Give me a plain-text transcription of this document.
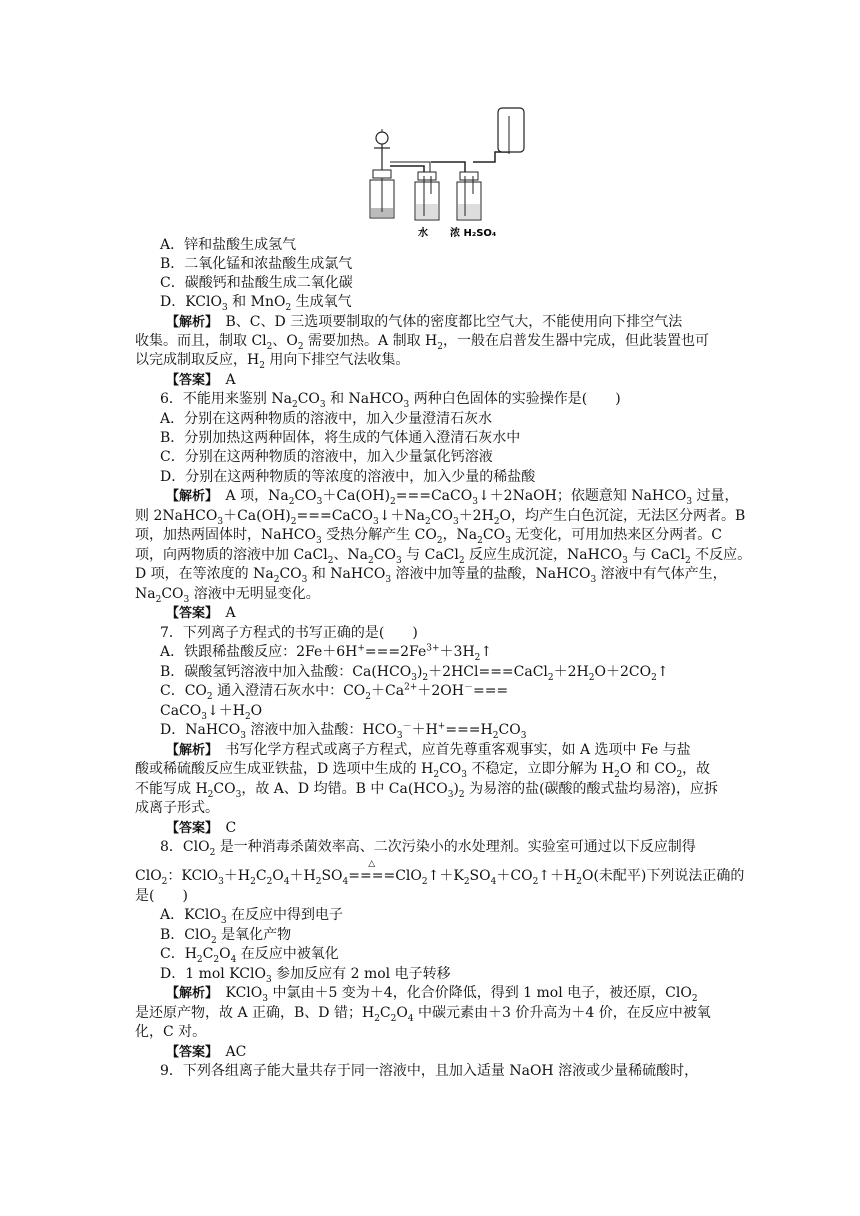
水 浓 H₂SO₄
A．锌和盐酸生成氢气
B．二氧化锰和浓盐酸生成氯气
C．碳酸钙和盐酸生成二氧化碳
D．KClO$_3$ 和 MnO$_2$ 生成氧气
【解析】　B、C、D 三选项要制取的气体的密度都比空气大，不能使用向下排空气法
收集。而且，制取 $Cl_2$、$O_2$ 需要加热。A 制取 $H_2$，一般在启普发生器中完成，但此装置也可
以完成制取反应，$H_2$ 用向下排空气法收集。
【答案】　A
6．不能用来鉴别 $Na_2CO_3$ 和 NaHCO$_3$ 两种白色固体的实验操作是(　　)
A．分别在这两种物质的溶液中，加入少量澄清石灰水
B．分别加热这两种固体，将生成的气体通入澄清石灰水中
C．分别在这两种物质的溶液中，加入少量氯化钙溶液
D．分别在这两种物质的等浓度的溶液中，加入少量的稀盐酸
【解析】　A 项，$Na_2CO_3+Ca(OH)_2===CaCO_3↓+2NaOH$；依题意知 NaHCO$_3$ 过量，
则 $2NaHCO_3+Ca(OH)_2===CaCO_3↓+Na_2CO_3+2H_2O$，均产生白色沉淀，无法区分两者。B
项，加热两固体时，NaHCO$_3$ 受热分解产生 $CO_2$，$Na_2CO_3$ 无变化，可用加热来区分两者。C
项，向两物质的溶液中加 CaCl$_2$、$Na_2CO_3$ 与 CaCl$_2$ 反应生成沉淀，NaHCO$_3$ 与 CaCl$_2$ 不反应。
D 项，在等浓度的 $Na_2CO_3$ 和 NaHCO$_3$ 溶液中加等量的盐酸，NaHCO$_3$ 溶液中有气体产生，
$Na_2CO_3$ 溶液中无明显变化。
【答案】　A
7．下列离子方程式的书写正确的是(　　)
A．铁跟稀盐酸反应：$2Fe+6H^+===2Fe^{3+}+3H_2↑$
B．碳酸氢钙溶液中加入盐酸：$Ca(HCO_3)_2+2HCl===CaCl_2+2H_2O+2CO_2↑$
C．$CO_2$ 通入澄清石灰水中：$CO_2+Ca^{2+}+2OH^-===$
$CaCO_3↓+H_2O$
D．NaHCO$_3$ 溶液中加入盐酸：$HCO_3^-+H^+===H_2CO_3$
【解析】　书写化学方程式或离子方程式，应首先尊重客观事实，如 A 选项中 Fe 与盐
酸或稀硫酸反应生成亚铁盐，D 选项中生成的 $H_2CO_3$ 不稳定，立即分解为 $H_2O$ 和 $CO_2$，故
不能写成 $H_2CO_3$，故 A、D 均错。B 中 $Ca(HCO_3)_2$ 为易溶的盐(碳酸的酸式盐均易溶)，应拆
成离子形式。
【答案】　C
8．ClO$_2$ 是一种消毒杀菌效率高、二次污染小的水处理剂。实验室可通过以下反应制得
ClO$_2$：$KClO_3+H_2C_2O_4+H_2SO_4$
△
$====ClO_2↑+K_2SO_4+CO_2↑+H_2O$(未配平)下列说法正确的
是(　　)
A．KClO$_3$ 在反应中得到电子
B．ClO$_2$ 是氧化产物
C．$H_2C_2O_4$ 在反应中被氧化
D．1 mol KClO$_3$ 参加反应有 2 mol 电子转移
【解析】　KClO$_3$ 中氯由＋5 变为＋4，化合价降低，得到 1 mol 电子，被还原，ClO$_2$
是还原产物，故 A 正确，B、D 错；$H_2C_2O_4$ 中碳元素由＋3 价升高为＋4 价，在反应中被氧
化，C 对。
【答案】　AC
9．下列各组离子能大量共存于同一溶液中，且加入适量 NaOH 溶液或少量稀硫酸时，
